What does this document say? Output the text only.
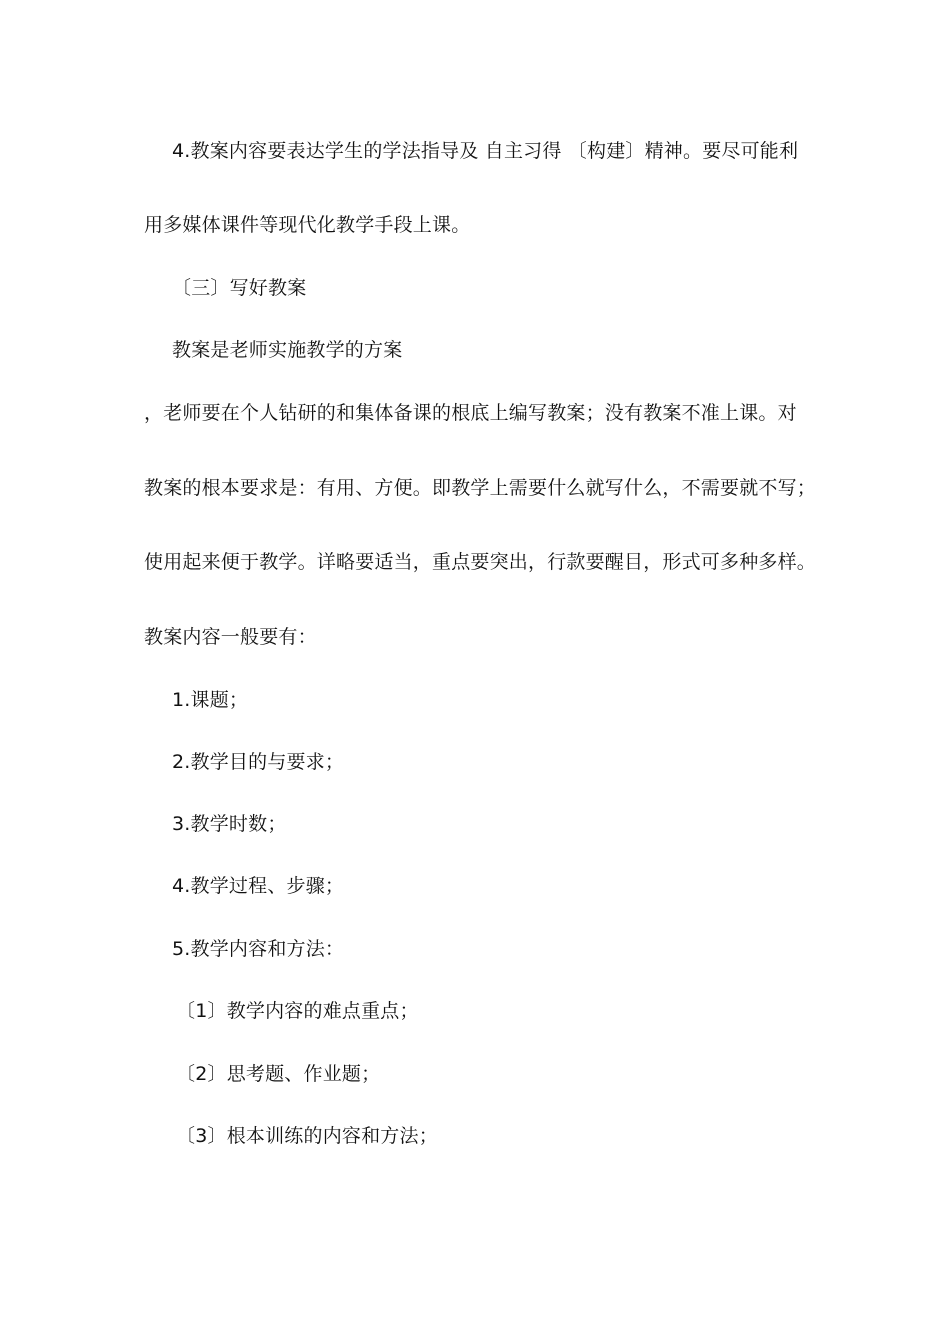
4.教案内容要表达学生的学法指导及 自主习得 〔构建〕精神。要尽可能利
用多媒体课件等现代化教学手段上课。
〔三〕写好教案
教案是老师实施教学的方案
，老师要在个人钻研的和集体备课的根底上编写教案；没有教案不准上课。对
教案的根本要求是：有用、方便。即教学上需要什么就写什么，不需要就不写；
使用起来便于教学。详略要适当，重点要突出，行款要醒目，形式可多种多样。
教案内容一般要有：
1.课题；
2.教学目的与要求；
3.教学时数；
4.教学过程、步骤；
5.教学内容和方法：
〔1〕教学内容的难点重点；
〔2〕思考题、作业题；
〔3〕根本训练的内容和方法；
